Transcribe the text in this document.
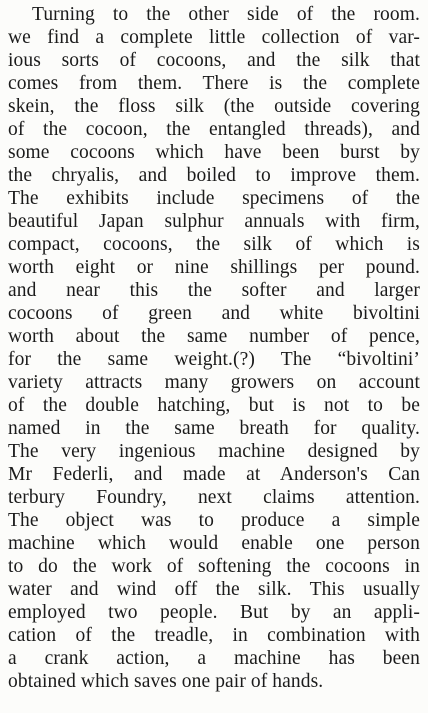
Turning to the other side of the room.
we find a complete little collection of var-
ious sorts of cocoons, and the silk that
comes from them. There is the complete
skein, the floss silk (the outside covering
of the cocoon, the entangled threads), and
some cocoons which have been burst by
the chryalis, and boiled to improve them.
The exhibits include specimens of the
beautiful Japan sulphur annuals with firm,
compact, cocoons, the silk of which is
worth eight or nine shillings per pound.
and near this the softer and larger
cocoons of green and white bivoltini
worth about the same number of pence,
for the same weight.(?) The “bivoltini’
variety attracts many growers on account
of the double hatching, but is not to be
named in the same breath for quality.
The very ingenious machine designed by
Mr Federli, and made at Anderson's Can
terbury Foundry, next claims attention.
The object was to produce a simple
machine which would enable one person
to do the work of softening the cocoons in
water and wind off the silk. This usually
employed two people. But by an appli-
cation of the treadle, in combination with
a crank action, a machine has been
obtained which saves one pair of hands.
